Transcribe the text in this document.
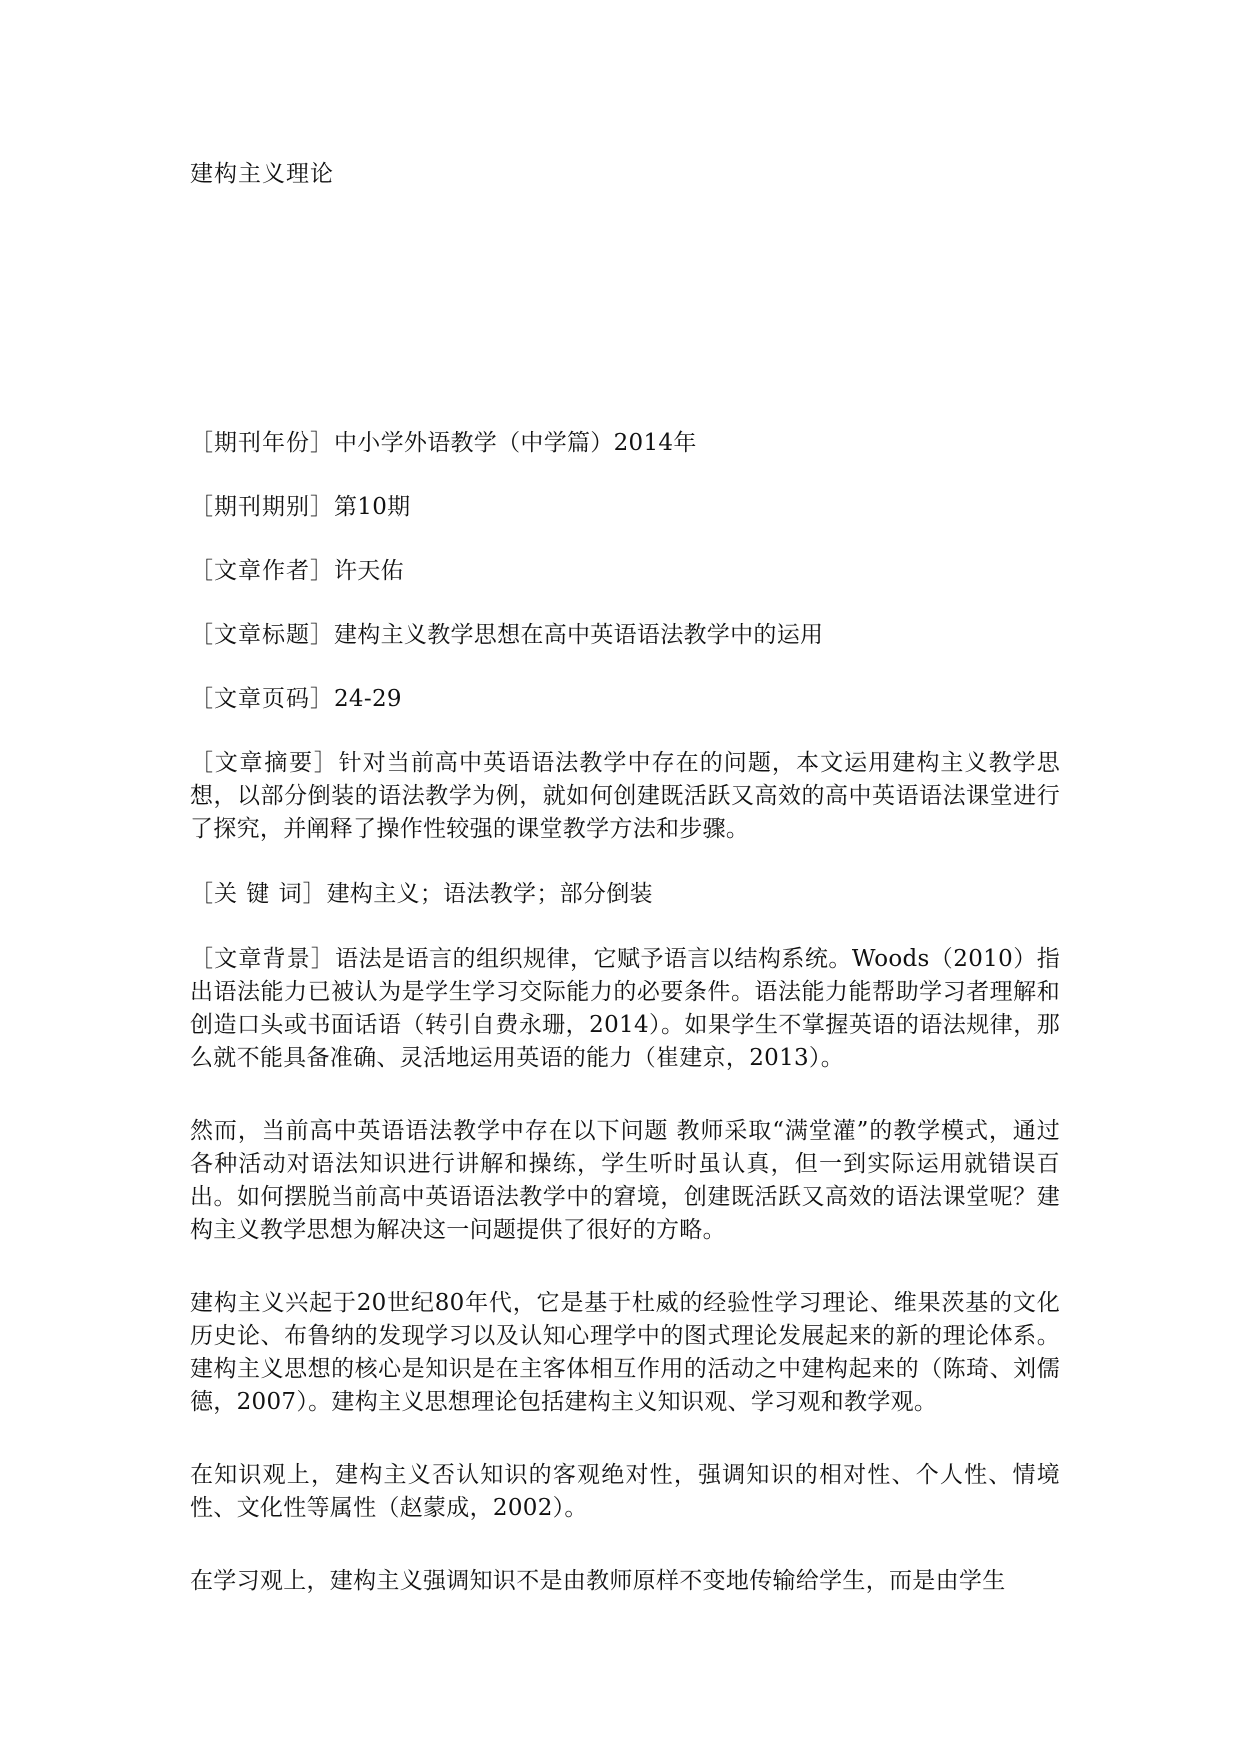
建构主义理论
［期刊年份］中小学外语教学（中学篇）2014年
［期刊期别］第10期
［文章作者］许天佑
［文章标题］建构主义教学思想在高中英语语法教学中的运用
［文章页码］24-29

［文章摘要］针对当前高中英语语法教学中存在的问题，本文运用建构主义教学思想，以部分倒装的语法教学为例，就如何创建既活跃又高效的高中英语语法课堂进行了探究，并阐释了操作性较强的课堂教学方法和步骤。

［关 键 词］建构主义；语法教学；部分倒装

［文章背景］语法是语言的组织规律，它赋予语言以结构系统。Woods（2010）指出语法能力已被认为是学生学习交际能力的必要条件。语法能力能帮助学习者理解和创造口头或书面话语（转引自费永珊，2014）。如果学生不掌握英语的语法规律，那么就不能具备准确、灵活地运用英语的能力（崔建京，2013）。

然而，当前高中英语语法教学中存在以下问题 教师采取“满堂灌”的教学模式，通过各种活动对语法知识进行讲解和操练，学生听时虽认真，但一到实际运用就错误百出。如何摆脱当前高中英语语法教学中的窘境，创建既活跃又高效的语法课堂呢？建构主义教学思想为解决这一问题提供了很好的方略。

建构主义兴起于20世纪80年代，它是基于杜威的经验性学习理论、维果茨基的文化历史论、布鲁纳的发现学习以及认知心理学中的图式理论发展起来的新的理论体系。建构主义思想的核心是知识是在主客体相互作用的活动之中建构起来的（陈琦、刘儒德，2007）。建构主义思想理论包括建构主义知识观、学习观和教学观。

在知识观上，建构主义否认知识的客观绝对性，强调知识的相对性、个人性、情境性、文化性等属性（赵蒙成，2002）。

在学习观上，建构主义强调知识不是由教师原样不变地传输给学生，而是由学生
